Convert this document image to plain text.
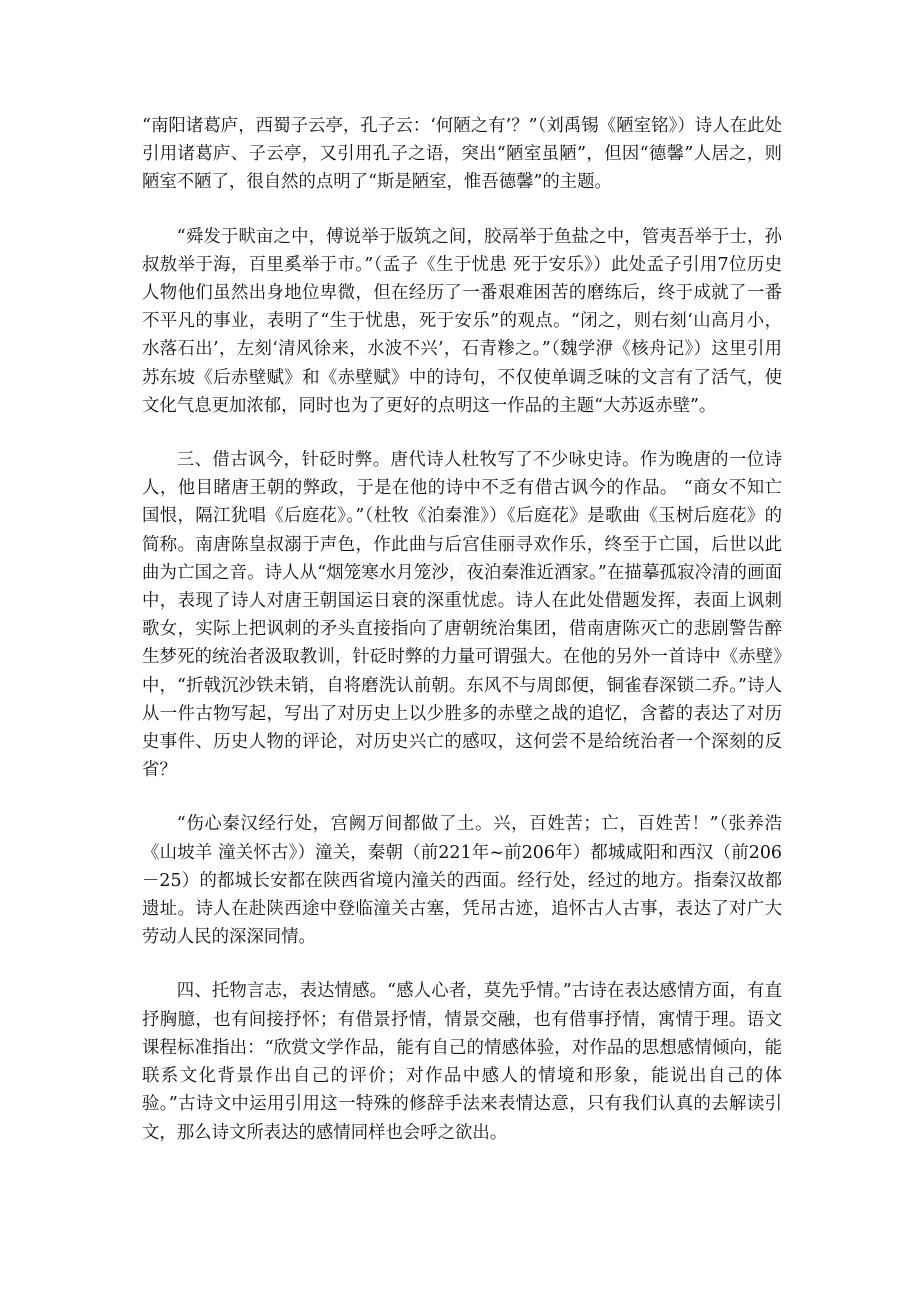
“南阳诸葛庐，西蜀子云亭，孔子云：‘何陋之有’？”（刘禹锡《陋室铭》）诗人在此处引用诸葛庐、子云亭，又引用孔子之语，突出“陋室虽陋”，但因“德馨”人居之，则陋室不陋了，很自然的点明了“斯是陋室，惟吾德馨”的主题。

“舜发于畎亩之中，傅说举于版筑之间，胶鬲举于鱼盐之中，管夷吾举于士，孙叔敖举于海，百里奚举于市。”（孟子《生于忧患 死于安乐》）此处孟子引用7位历史人物他们虽然出身地位卑微，但在经历了一番艰难困苦的磨练后，终于成就了一番不平凡的事业，表明了“生于忧患，死于安乐”的观点。“闭之，则右刻‘山高月小，水落石出’，左刻‘清风徐来，水波不兴’，石青糁之。”（魏学洢《核舟记》）这里引用苏东坡《后赤壁赋》和《赤壁赋》中的诗句，不仅使单调乏味的文言有了活气，使文化气息更加浓郁，同时也为了更好的点明这一作品的主题“大苏返赤壁”。

三、借古讽今，针砭时弊。唐代诗人杜牧写了不少咏史诗。作为晚唐的一位诗人，他目睹唐王朝的弊政，于是在他的诗中不乏有借古讽今的作品。 “商女不知亡国恨，隔江犹唱《后庭花》。”（杜牧《泊秦淮》）《后庭花》是歌曲《玉树后庭花》的简称。南唐陈皇叔溺于声色，作此曲与后宫佳丽寻欢作乐，终至于亡国，后世以此曲为亡国之音。诗人从“烟笼寒水月笼沙，夜泊秦淮近酒家。”在描摹孤寂冷清的画面中，表现了诗人对唐王朝国运日衰的深重忧虑。诗人在此处借题发挥，表面上讽刺歌女，实际上把讽刺的矛头直接指向了唐朝统治集团，借南唐陈灭亡的悲剧警告醉生梦死的统治者汲取教训，针砭时弊的力量可谓强大。在他的另外一首诗中《赤壁》中，“折戟沉沙铁未销，自将磨洗认前朝。东风不与周郎便，铜雀春深锁二乔。”诗人从一件古物写起，写出了对历史上以少胜多的赤壁之战的追忆，含蓄的表达了对历史事件、历史人物的评论，对历史兴亡的感叹，这何尝不是给统治者一个深刻的反省？

“伤心秦汉经行处，宫阙万间都做了土。兴，百姓苦；亡，百姓苦！”（张养浩《山坡羊 潼关怀古》）潼关，秦朝（前221年~前206年）都城咸阳和西汉（前206－25）的都城长安都在陕西省境内潼关的西面。经行处，经过的地方。指秦汉故都遗址。诗人在赴陕西途中登临潼关古塞，凭吊古迹，追怀古人古事，表达了对广大劳动人民的深深同情。

四、托物言志，表达情感。“感人心者，莫先乎情。”古诗在表达感情方面，有直抒胸臆，也有间接抒怀；有借景抒情，情景交融，也有借事抒情，寓情于理。语文课程标准指出：“欣赏文学作品，能有自己的情感体验，对作品的思想感情倾向，能联系文化背景作出自己的评价；对作品中感人的情境和形象，能说出自己的体验。”古诗文中运用引用这一特殊的修辞手法来表情达意，只有我们认真的去解读引文，那么诗文所表达的感情同样也会呼之欲出。
